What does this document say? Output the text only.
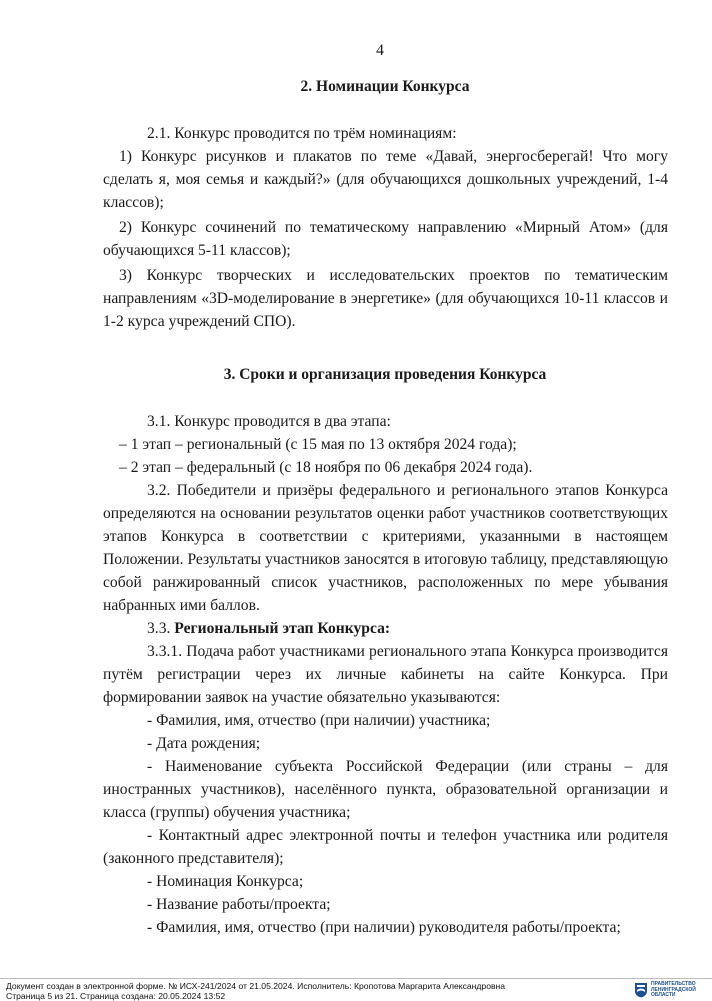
4
2. Номинации Конкурса

2.1. Конкурс проводится по трём номинациям:

1) Конкурс рисунков и плакатов по теме «Давай, энергосберегай! Что могу сделать я, моя семья и каждый?» (для обучающихся дошкольных учреждений, 1-4 классов);

2) Конкурс сочинений по тематическому направлению «Мирный Атом» (для обучающихся 5-11 классов);

3) Конкурс творческих и исследовательских проектов по тематическим направлениям «3D-моделирование в энергетике» (для обучающихся 10-11 классов и 1-2 курса учреждений СПО).

3. Сроки и организация проведения Конкурса

3.1. Конкурс проводится в два этапа:

– 1 этап – региональный (с 15 мая по 13 октября 2024 года);

– 2 этап – федеральный (с 18 ноября по 06 декабря 2024 года).

3.2. Победители и призёры федерального и регионального этапов Конкурса определяются на основании результатов оценки работ участников соответствующих этапов Конкурса в соответствии с критериями, указанными в настоящем Положении. Результаты участников заносятся в итоговую таблицу, представляющую собой ранжированный список участников, расположенных по мере убывания набранных ими баллов.

3.3. Региональный этап Конкурса:

3.3.1. Подача работ участниками регионального этапа Конкурса производится путём регистрации через их личные кабинеты на сайте Конкурса. При формировании заявок на участие обязательно указываются:

- Фамилия, имя, отчество (при наличии) участника;

- Дата рождения;

- Наименование субъекта Российской Федерации (или страны – для иностранных участников), населённого пункта, образовательной организации и класса (группы) обучения участника;

- Контактный адрес электронной почты и телефон участника или родителя (законного представителя);

- Номинация Конкурса;

- Название работы/проекта;

- Фамилия, имя, отчество (при наличии) руководителя работы/проекта;

Документ создан в электронной форме. № ИСХ-241/2024 от 21.05.2024. Исполнитель: Кропотова Маргарита Александровна
Страница 5 из 21. Страница создана: 20.05.2024 13:52
ПРАВИТЕЛЬСТВО ЛЕНИНГРАДСКОЙ ОБЛАСТИ
